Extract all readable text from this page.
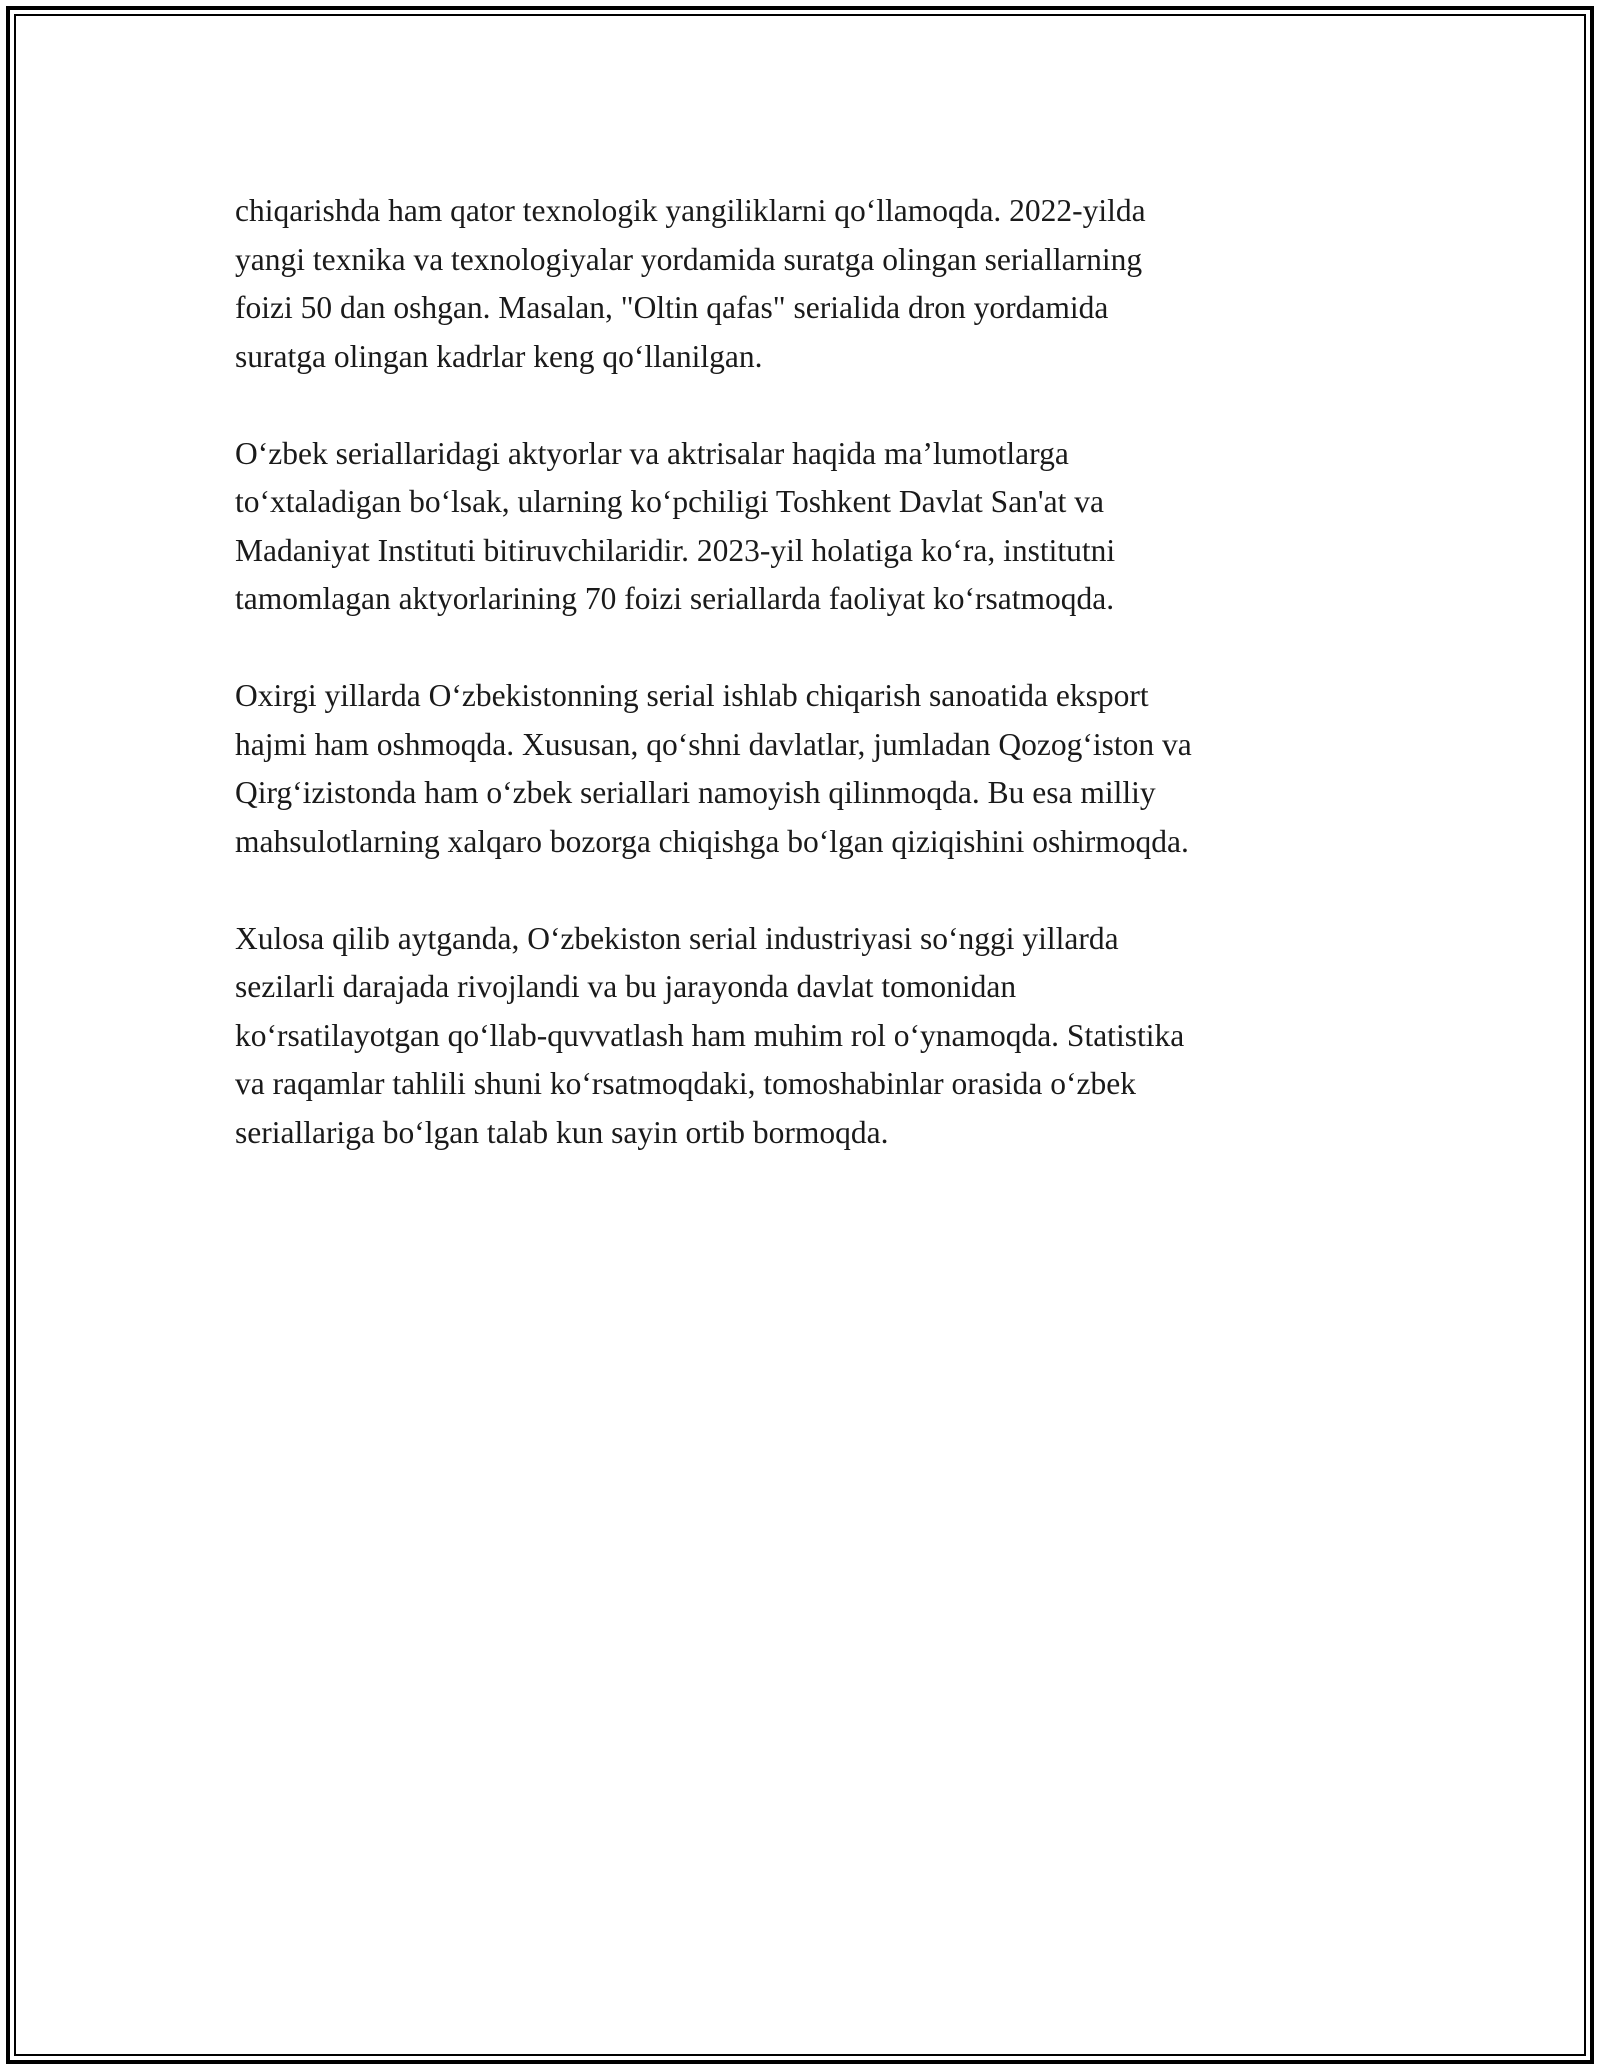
chiqarishda ham qator texnologik yangiliklarni qo‘llamoqda. 2022-yilda
yangi texnika va texnologiyalar yordamida suratga olingan seriallarning
foizi 50 dan oshgan. Masalan, "Oltin qafas" serialida dron yordamida
suratga olingan kadrlar keng qo‘llanilgan.

O‘zbek seriallaridagi aktyorlar va aktrisalar haqida ma’lumotlarga
to‘xtaladigan bo‘lsak, ularning ko‘pchiligi Toshkent Davlat San'at va
Madaniyat Instituti bitiruvchilaridir. 2023-yil holatiga ko‘ra, institutni
tamomlagan aktyorlarining 70 foizi seriallarda faoliyat ko‘rsatmoqda.

Oxirgi yillarda O‘zbekistonning serial ishlab chiqarish sanoatida eksport
hajmi ham oshmoqda. Xususan, qo‘shni davlatlar, jumladan Qozog‘iston va
Qirg‘izistonda ham o‘zbek seriallari namoyish qilinmoqda. Bu esa milliy
mahsulotlarning xalqaro bozorga chiqishga bo‘lgan qiziqishini oshirmoqda.

Xulosa qilib aytganda, O‘zbekiston serial industriyasi so‘nggi yillarda
sezilarli darajada rivojlandi va bu jarayonda davlat tomonidan
ko‘rsatilayotgan qo‘llab-quvvatlash ham muhim rol o‘ynamoqda. Statistika
va raqamlar tahlili shuni ko‘rsatmoqdaki, tomoshabinlar orasida o‘zbek
seriallariga bo‘lgan talab kun sayin ortib bormoqda.
